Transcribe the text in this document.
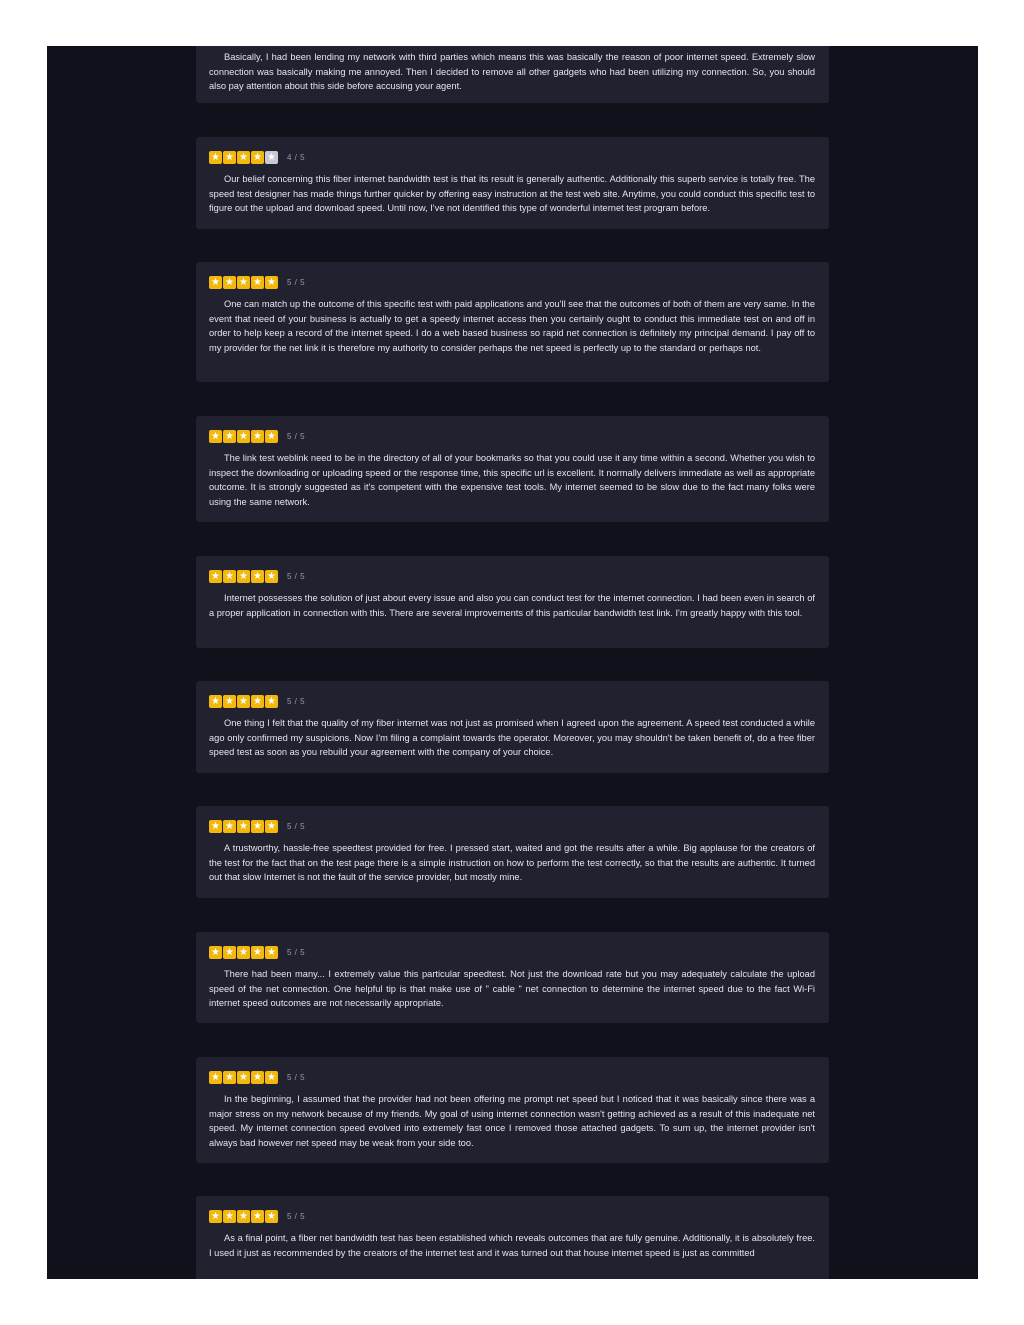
Basically, I had been lending my network with third parties which means this was basically the reason of poor internet speed. Extremely slow connection was basically making me annoyed. Then I decided to remove all other gadgets who had been utilizing my connection. So, you should also pay attention about this side before accusing your agent.

★ ★ ★ ★ ★ 4 / 5

Our belief concerning this fiber internet bandwidth test is that its result is generally authentic. Additionally this superb service is totally free. The speed test designer has made things further quicker by offering easy instruction at the test web site. Anytime, you could conduct this specific test to figure out the upload and download speed. Until now, I've not identified this type of wonderful internet test program before.

★ ★ ★ ★ ★ 5 / 5

One can match up the outcome of this specific test with paid applications and you'll see that the outcomes of both of them are very same. In the event that need of your business is actually to get a speedy internet access then you certainly ought to conduct this immediate test on and off in order to help keep a record of the internet speed. I do a web based business so rapid net connection is definitely my principal demand. I pay off to my provider for the net link it is therefore my authority to consider perhaps the net speed is perfectly up to the standard or perhaps not.

★ ★ ★ ★ ★ 5 / 5

The link test weblink need to be in the directory of all of your bookmarks so that you could use it any time within a second. Whether you wish to inspect the downloading or uploading speed or the response time, this specific url is excellent. It normally delivers immediate as well as appropriate outcome. It is strongly suggested as it's competent with the expensive test tools. My internet seemed to be slow due to the fact many folks were using the same network.

★ ★ ★ ★ ★ 5 / 5

Internet possesses the solution of just about every issue and also you can conduct test for the internet connection. I had been even in search of a proper application in connection with this. There are several improvements of this particular bandwidth test link. I'm greatly happy with this tool.

★ ★ ★ ★ ★ 5 / 5

One thing I felt that the quality of my fiber internet was not just as promised when I agreed upon the agreement. A speed test conducted a while ago only confirmed my suspicions. Now I'm filing a complaint towards the operator. Moreover, you may shouldn't be taken benefit of, do a free fiber speed test as soon as you rebuild your agreement with the company of your choice.

★ ★ ★ ★ ★ 5 / 5

A trustworthy, hassle-free speedtest provided for free. I pressed start, waited and got the results after a while. Big applause for the creators of the test for the fact that on the test page there is a simple instruction on how to perform the test correctly, so that the results are authentic. It turned out that slow Internet is not the fault of the service provider, but mostly mine.

★ ★ ★ ★ ★ 5 / 5

There had been many... I extremely value this particular speedtest. Not just the download rate but you may adequately calculate the upload speed of the net connection. One helpful tip is that make use of " cable " net connection to determine the internet speed due to the fact Wi-Fi internet speed outcomes are not necessarily appropriate.

★ ★ ★ ★ ★ 5 / 5

In the beginning, I assumed that the provider had not been offering me prompt net speed but I noticed that it was basically since there was a major stress on my network because of my friends. My goal of using internet connection wasn't getting achieved as a result of this inadequate net speed. My internet connection speed evolved into extremely fast once I removed those attached gadgets. To sum up, the internet provider isn't always bad however net speed may be weak from your side too.

★ ★ ★ ★ ★ 5 / 5

As a final point, a fiber net bandwidth test has been established which reveals outcomes that are fully genuine. Additionally, it is absolutely free. I used it just as recommended by the creators of the internet test and it was turned out that house internet speed is just as committed
